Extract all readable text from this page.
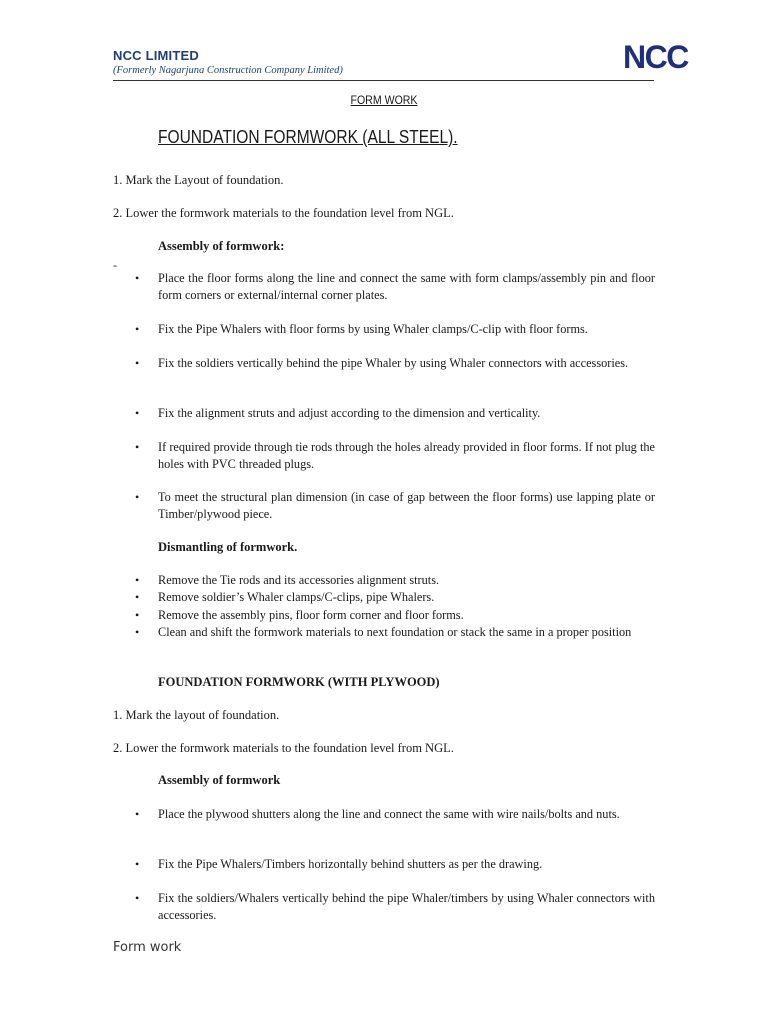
NCC LIMITED
(Formerly Nagarjuna Construction Company Limited)	NCC
FORM WORK
FOUNDATION FORMWORK (ALL STEEL).
1. Mark the Layout of foundation.
2. Lower the formwork materials to the foundation level from NGL.
Assembly of formwork:
-
• Place the floor forms along the line and connect the same with form clamps/assembly pin and floor form corners or external/internal corner plates.
• Fix the Pipe Whalers with floor forms by using Whaler clamps/C-clip with floor forms.
• Fix the soldiers vertically behind the pipe Whaler by using Whaler connectors with accessories.
• Fix the alignment struts and adjust according to the dimension and verticality.
• If required provide through tie rods through the holes already provided in floor forms. If not plug the holes with PVC threaded plugs.
• To meet the structural plan dimension (in case of gap between the floor forms) use lapping plate or Timber/plywood piece.
Dismantling of formwork.
• Remove the Tie rods and its accessories alignment struts.
• Remove soldier’s Whaler clamps/C-clips, pipe Whalers.
• Remove the assembly pins, floor form corner and floor forms.
• Clean and shift the formwork materials to next foundation or stack the same in a proper position
FOUNDATION FORMWORK (WITH PLYWOOD)
1. Mark the layout of foundation.
2. Lower the formwork materials to the foundation level from NGL.
Assembly of formwork
• Place the plywood shutters along the line and connect the same with wire nails/bolts and nuts.
• Fix the Pipe Whalers/Timbers horizontally behind shutters as per the drawing.
• Fix the soldiers/Whalers vertically behind the pipe Whaler/timbers by using Whaler connectors with accessories.
Form work
